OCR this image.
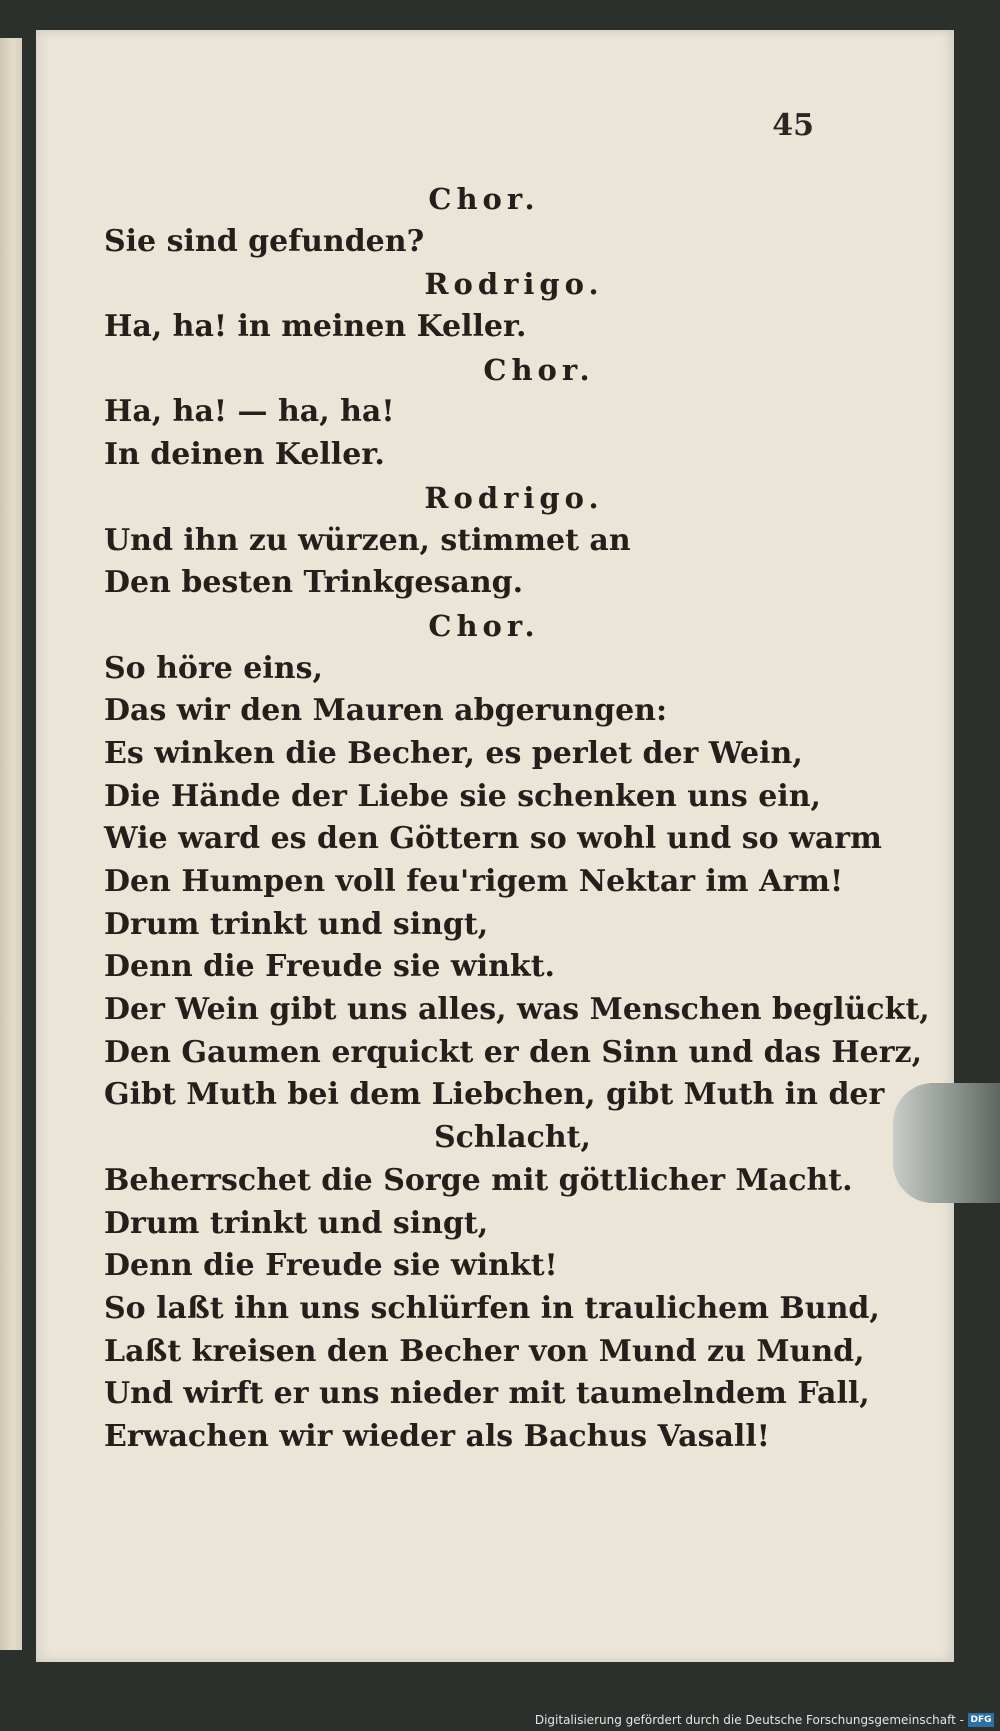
45
Chor.
Sie sind gefunden?
Rodrigo.
Ha, ha! in meinen Keller.
Chor.
Ha, ha! — ha, ha!
In deinen Keller.
Rodrigo.
Und ihn zu würzen, stimmet an
Den besten Trinkgesang.
Chor.
So höre eins,
Das wir den Mauren abgerungen:
Es winken die Becher, es perlet der Wein,
Die Hände der Liebe sie schenken uns ein,
Wie ward es den Göttern so wohl und so warm
Den Humpen voll feu'rigem Nektar im Arm!
Drum trinkt und singt,
Denn die Freude sie winkt.
Der Wein gibt uns alles, was Menschen beglückt,
Den Gaumen erquickt er den Sinn und das Herz,
Gibt Muth bei dem Liebchen, gibt Muth in der
Schlacht,
Beherrschet die Sorge mit göttlicher Macht.
Drum trinkt und singt,
Denn die Freude sie winkt!
So laßt ihn uns schlürfen in traulichem Bund,
Laßt kreisen den Becher von Mund zu Mund,
Und wirft er uns nieder mit taumelndem Fall,
Erwachen wir wieder als Bachus Vasall!
Digitalisierung gefördert durch die Deutsche Forschungsgemeinschaft - DFG
